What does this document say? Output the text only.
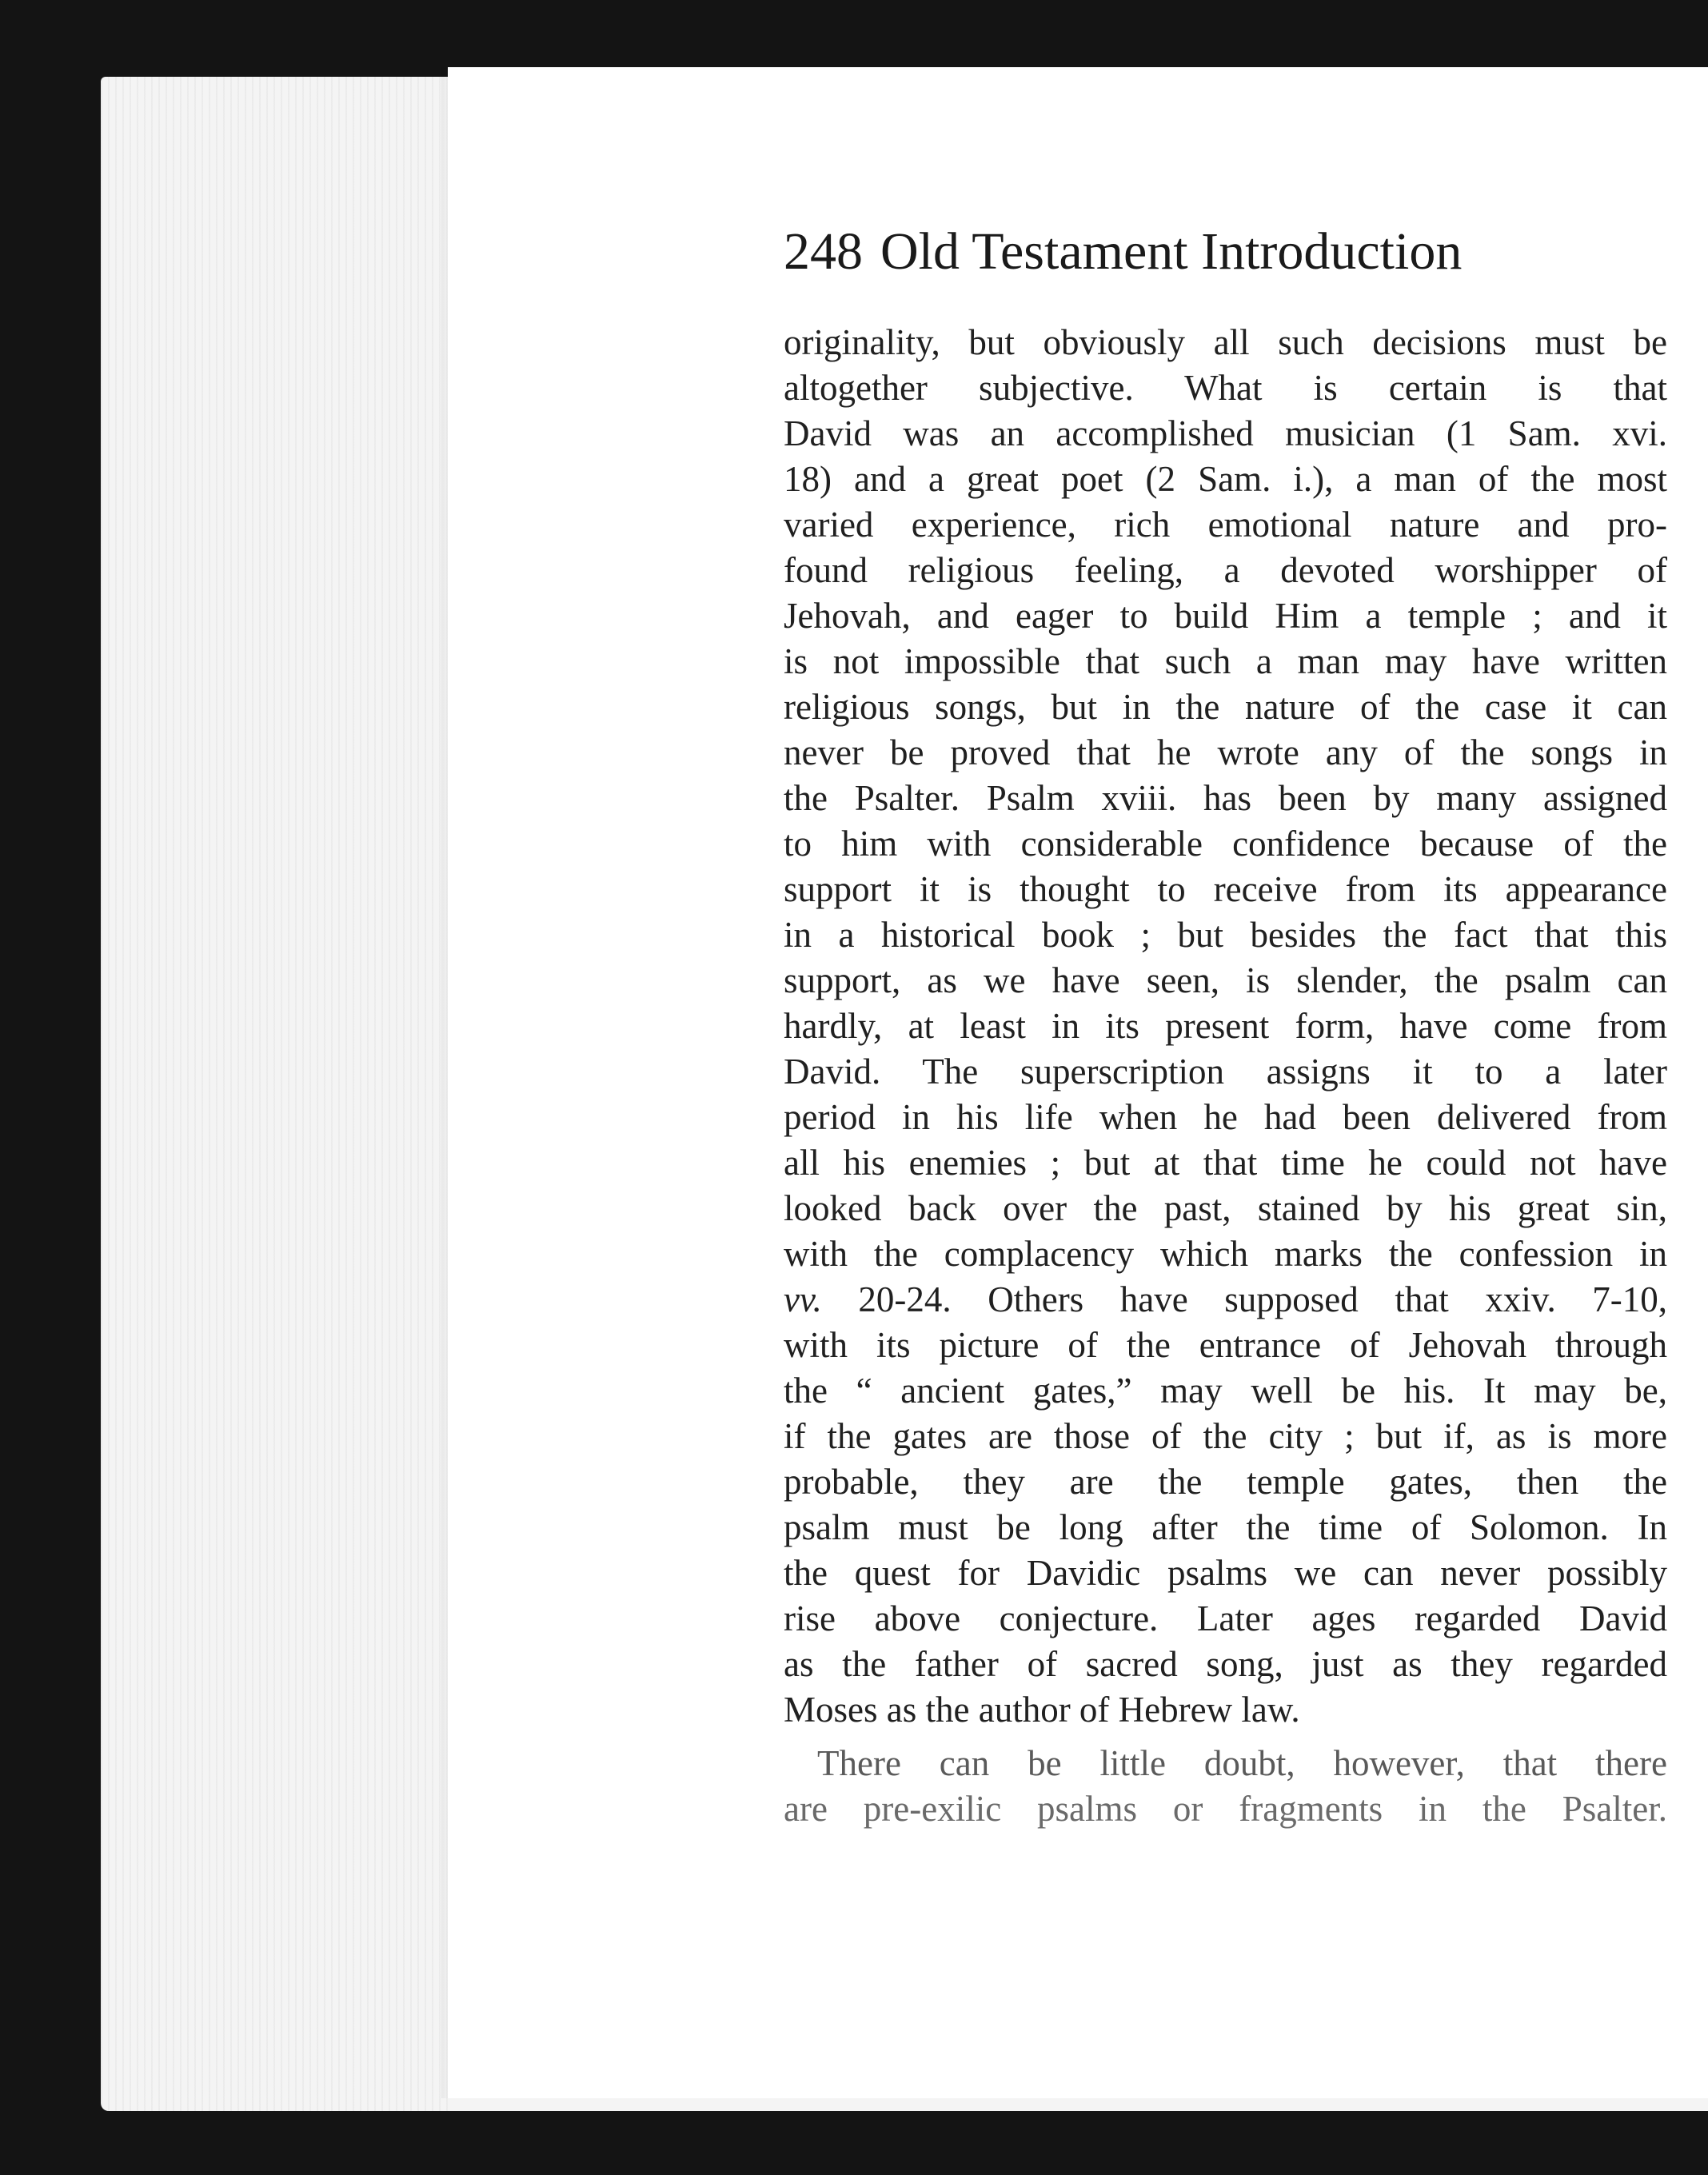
248 Old Testament Introduction
originality, but obviously all such decisions must be
altogether subjective. What is certain is that
David was an accomplished musician (1 Sam. xvi.
18) and a great poet (2 Sam. i.), a man of the most
varied experience, rich emotional nature and pro-
found religious feeling, a devoted worshipper of
Jehovah, and eager to build Him a temple ; and it
is not impossible that such a man may have written
religious songs, but in the nature of the case it can
never be proved that he wrote any of the songs in
the Psalter. Psalm xviii. has been by many assigned
to him with considerable confidence because of the
support it is thought to receive from its appearance
in a historical book ; but besides the fact that this
support, as we have seen, is slender, the psalm can
hardly, at least in its present form, have come from
David. The superscription assigns it to a later
period in his life when he had been delivered from
all his enemies ; but at that time he could not have
looked back over the past, stained by his great sin,
with the complacency which marks the confession in
vv. 20-24. Others have supposed that xxiv. 7-10,
with its picture of the entrance of Jehovah through
the “ ancient gates,” may well be his. It may be,
if the gates are those of the city ; but if, as is more
probable, they are the temple gates, then the
psalm must be long after the time of Solomon. In
the quest for Davidic psalms we can never possibly
rise above conjecture. Later ages regarded David
as the father of sacred song, just as they regarded
Moses as the author of Hebrew law.
There can be little doubt, however, that there
are pre-exilic psalms or fragments in the Psalter.
